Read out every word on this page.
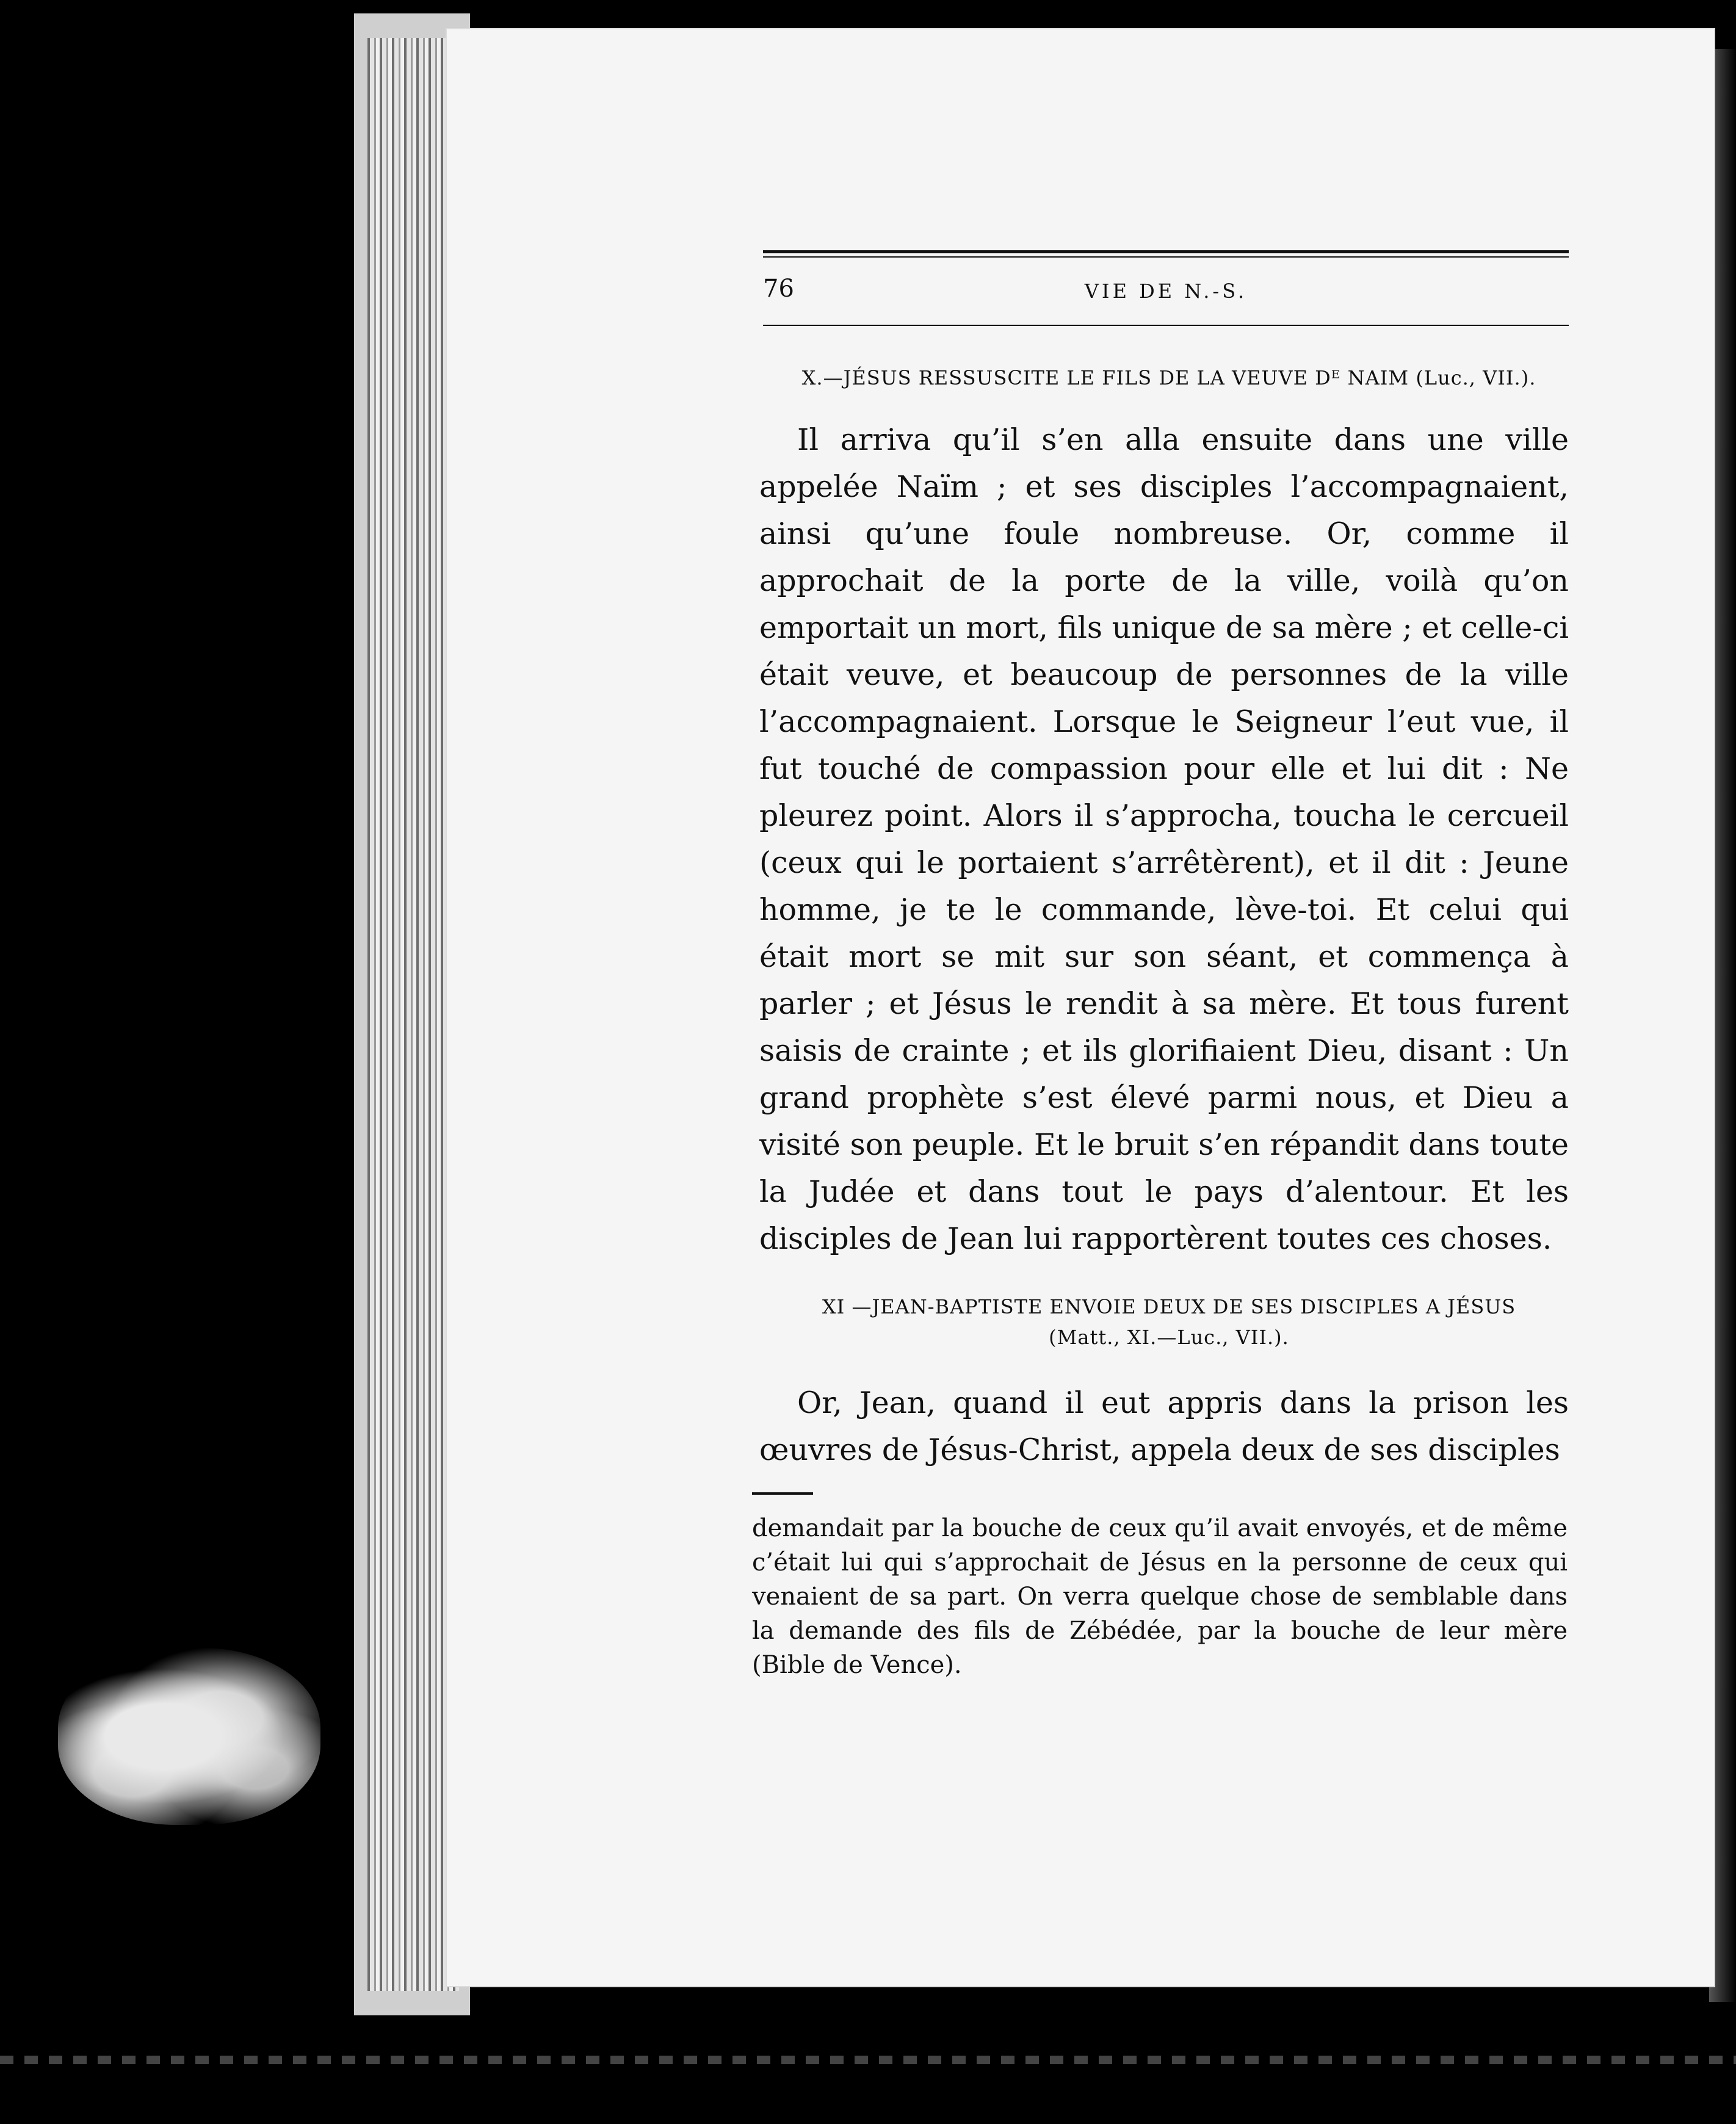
76	VIE DE N.-S.
X.—JÉSUS RESSUSCITE LE FILS DE LA VEUVE Dᴱ NAIM (Luc., VII.).

Il arriva qu’il s’en alla ensuite dans une ville appelée Naïm ; et ses disciples l’accompagnaient, ainsi qu’une foule nombreuse. Or, comme il approchait de la porte de la ville, voilà qu’on emportait un mort, fils unique de sa mère ; et celle-ci était veuve, et beaucoup de personnes de la ville l’accompagnaient. Lorsque le Seigneur l’eut vue, il fut touché de compassion pour elle et lui dit : Ne pleurez point. Alors il s’approcha, toucha le cercueil (ceux qui le portaient s’arrêtèrent), et il dit : Jeune homme, je te le commande, lève-toi. Et celui qui était mort se mit sur son séant, et commença à parler ; et Jésus le rendit à sa mère. Et tous furent saisis de crainte ; et ils glorifiaient Dieu, disant : Un grand prophète s’est élevé parmi nous, et Dieu a visité son peuple. Et le bruit s’en répandit dans toute la Judée et dans tout le pays d’alentour. Et les disciples de Jean lui rapportèrent toutes ces choses.

XI —JEAN-BAPTISTE ENVOIE DEUX DE SES DISCIPLES A JÉSUS
(Matt., XI.—Luc., VII.).

Or, Jean, quand il eut appris dans la prison les œuvres de Jésus-Christ, appela deux de ses disciples

demandait par la bouche de ceux qu’il avait envoyés, et de même c’était lui qui s’approchait de Jésus en la personne de ceux qui venaient de sa part. On verra quelque chose de semblable dans la demande des fils de Zébédée, par la bouche de leur mère (Bible de Vence).
